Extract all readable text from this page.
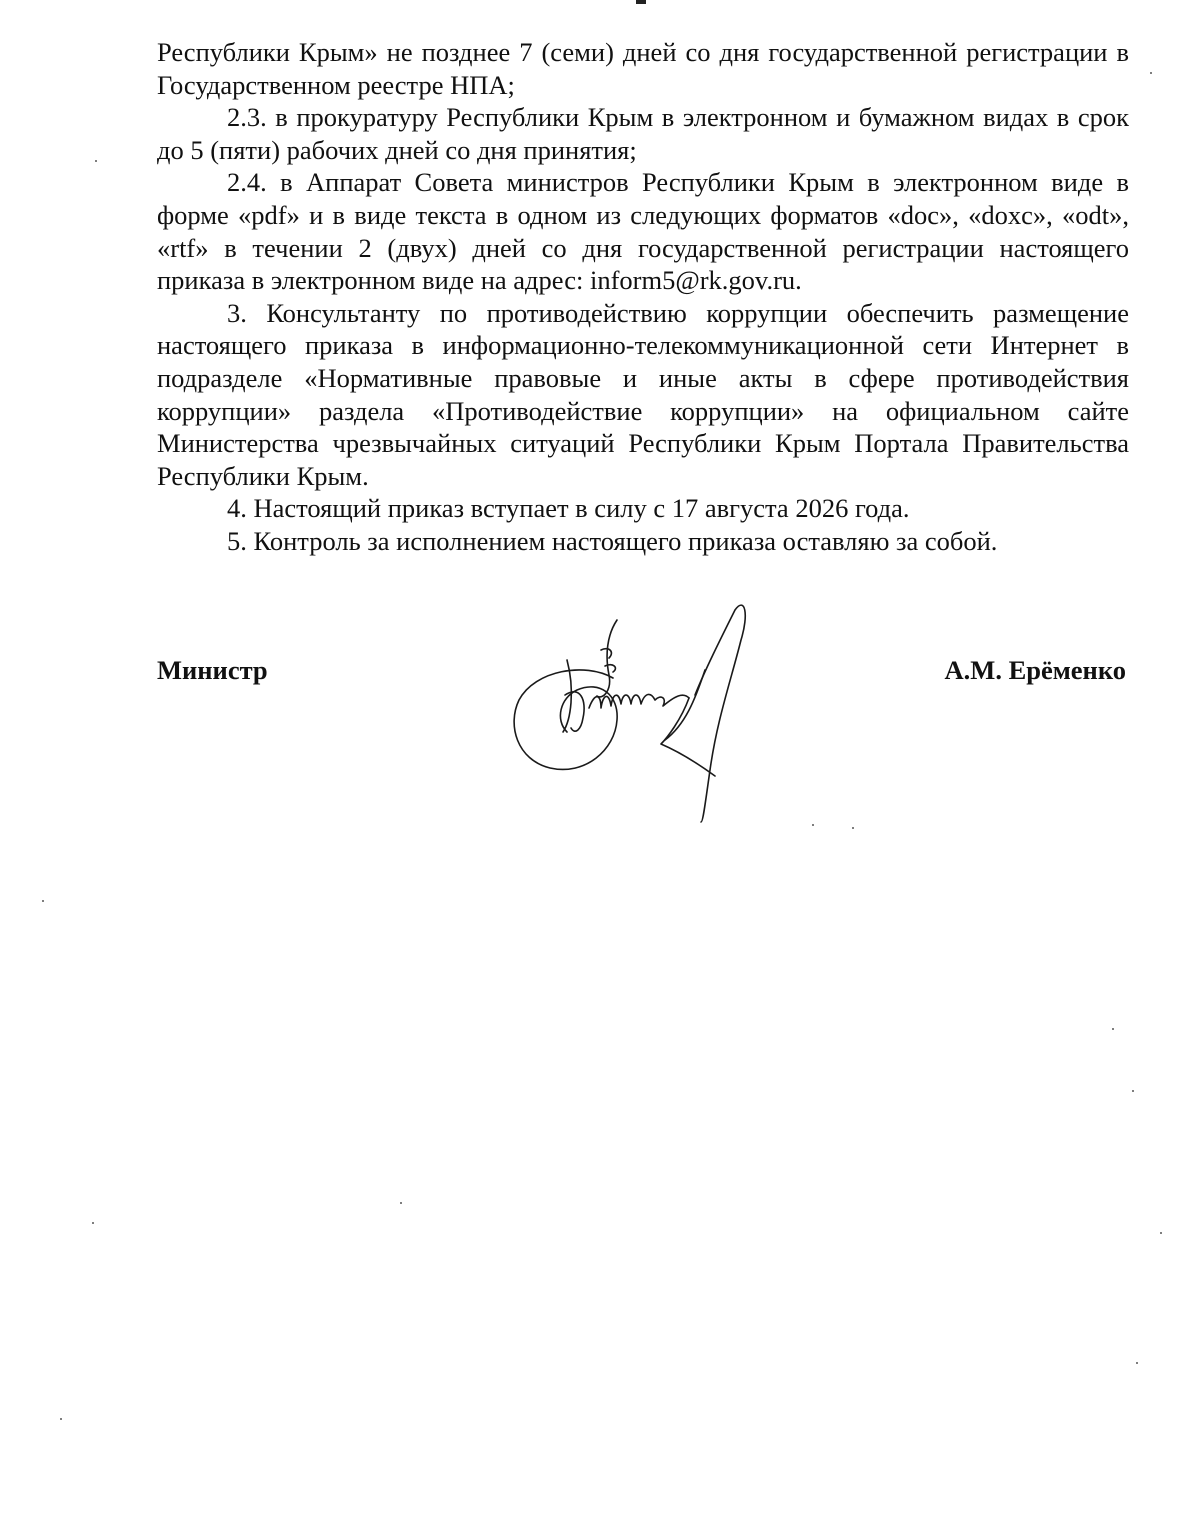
Республики Крым» не позднее 7 (семи) дней со дня государственной регистрации в Государственном реестре НПА;

2.3. в прокуратуру Республики Крым в электронном и бумажном видах в срок до 5 (пяти) рабочих дней со дня принятия;

2.4. в Аппарат Совета министров Республики Крым в электронном виде в форме «pdf» и в виде текста в одном из следующих форматов «doc», «doxc», «odt», «rtf» в течении 2 (двух) дней со дня государственной регистрации настоящего приказа в электронном виде на адрес: inform5@rk.gov.ru.

3. Консультанту по противодействию коррупции обеспечить размещение настоящего приказа в информационно-телекоммуникационной сети Интернет в подразделе «Нормативные правовые и иные акты в сфере противодействия коррупции» раздела «Противодействие коррупции» на официальном сайте Министерства чрезвычайных ситуаций Республики Крым Портала Правительства Республики Крым.

4. Настоящий приказ вступает в силу с 17 августа 2026 года.

5. Контроль за исполнением настоящего приказа оставляю за собой.

Министр	А.М. Ерёменко
